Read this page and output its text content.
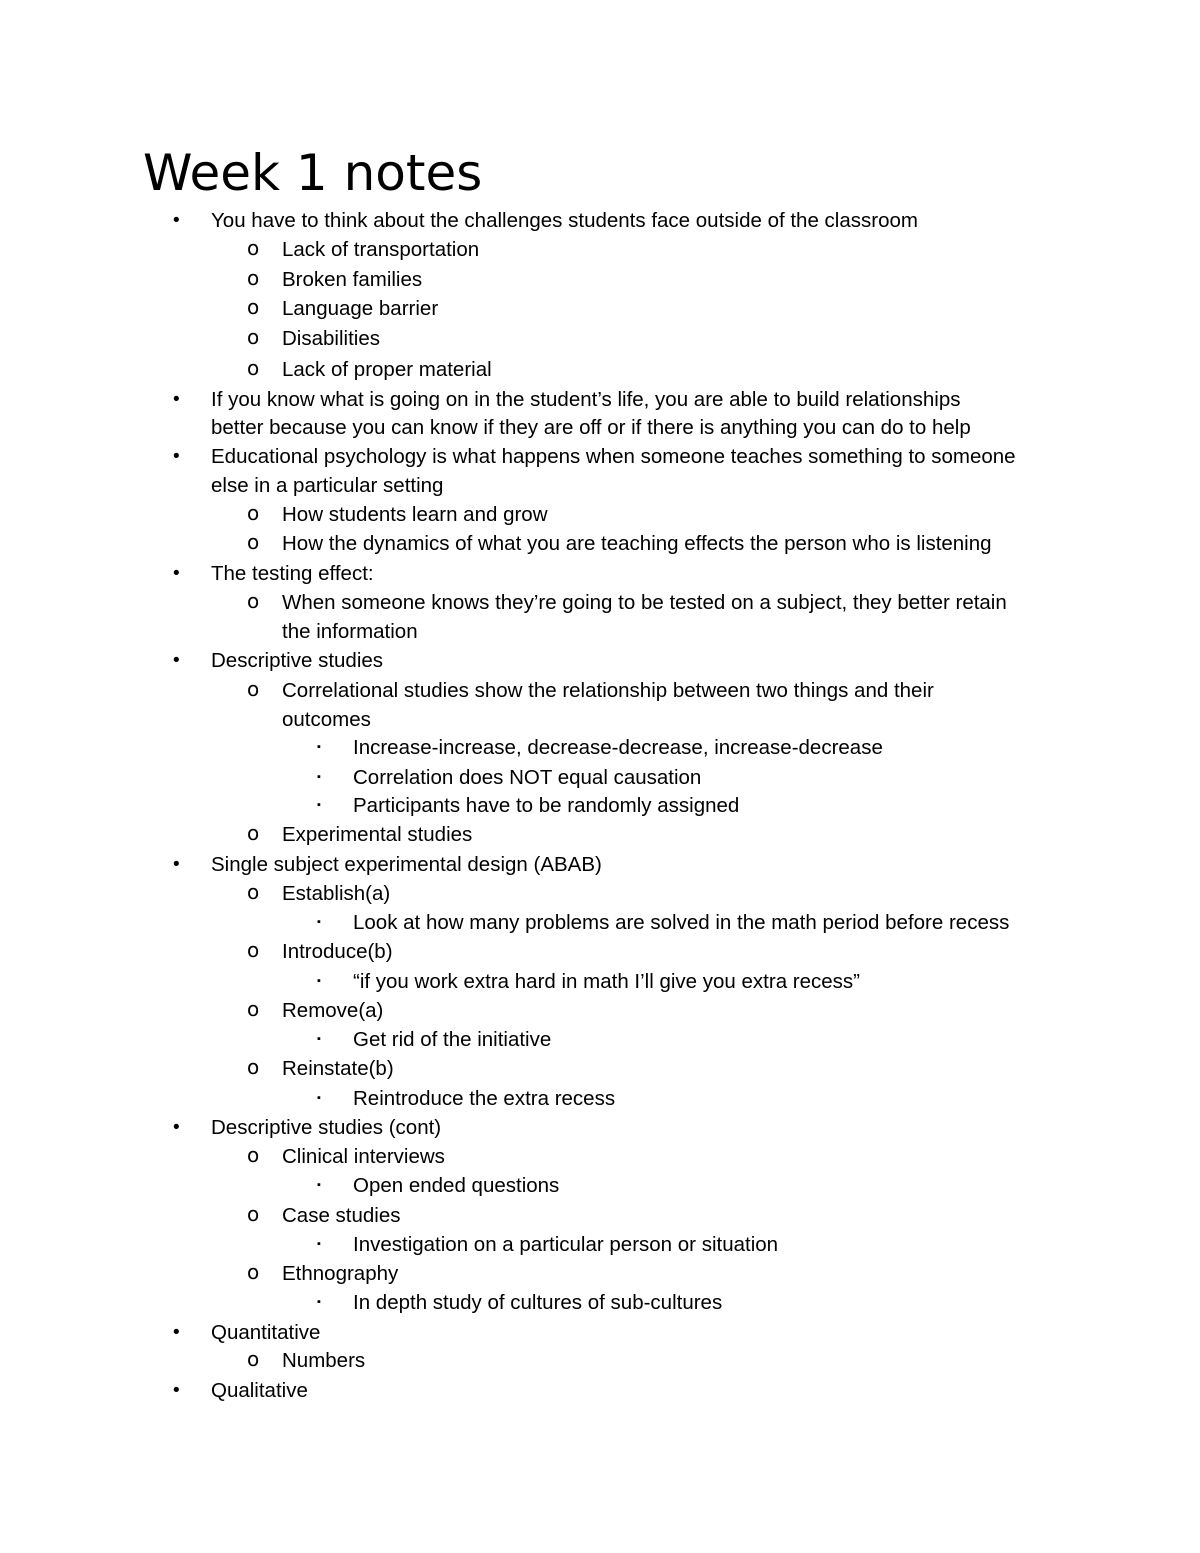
Week 1 notes
• You have to think about the challenges students face outside of the classroom
o Lack of transportation
o Broken families
o Language barrier
o Disabilities
o Lack of proper material
• If you know what is going on in the student’s life, you are able to build relationships
better because you can know if they are off or if there is anything you can do to help
• Educational psychology is what happens when someone teaches something to someone
else in a particular setting
o How students learn and grow
o How the dynamics of what you are teaching effects the person who is listening
• The testing effect:
o When someone knows they’re going to be tested on a subject, they better retain
the information
• Descriptive studies
o Correlational studies show the relationship between two things and their
outcomes
▪ Increase-increase, decrease-decrease, increase-decrease
▪ Correlation does NOT equal causation
▪ Participants have to be randomly assigned
o Experimental studies
• Single subject experimental design (ABAB)
o Establish(a)
▪ Look at how many problems are solved in the math period before recess
o Introduce(b)
▪ “if you work extra hard in math I’ll give you extra recess”
o Remove(a)
▪ Get rid of the initiative
o Reinstate(b)
▪ Reintroduce the extra recess
• Descriptive studies (cont)
o Clinical interviews
▪ Open ended questions
o Case studies
▪ Investigation on a particular person or situation
o Ethnography
▪ In depth study of cultures of sub-cultures
• Quantitative
o Numbers
• Qualitative
